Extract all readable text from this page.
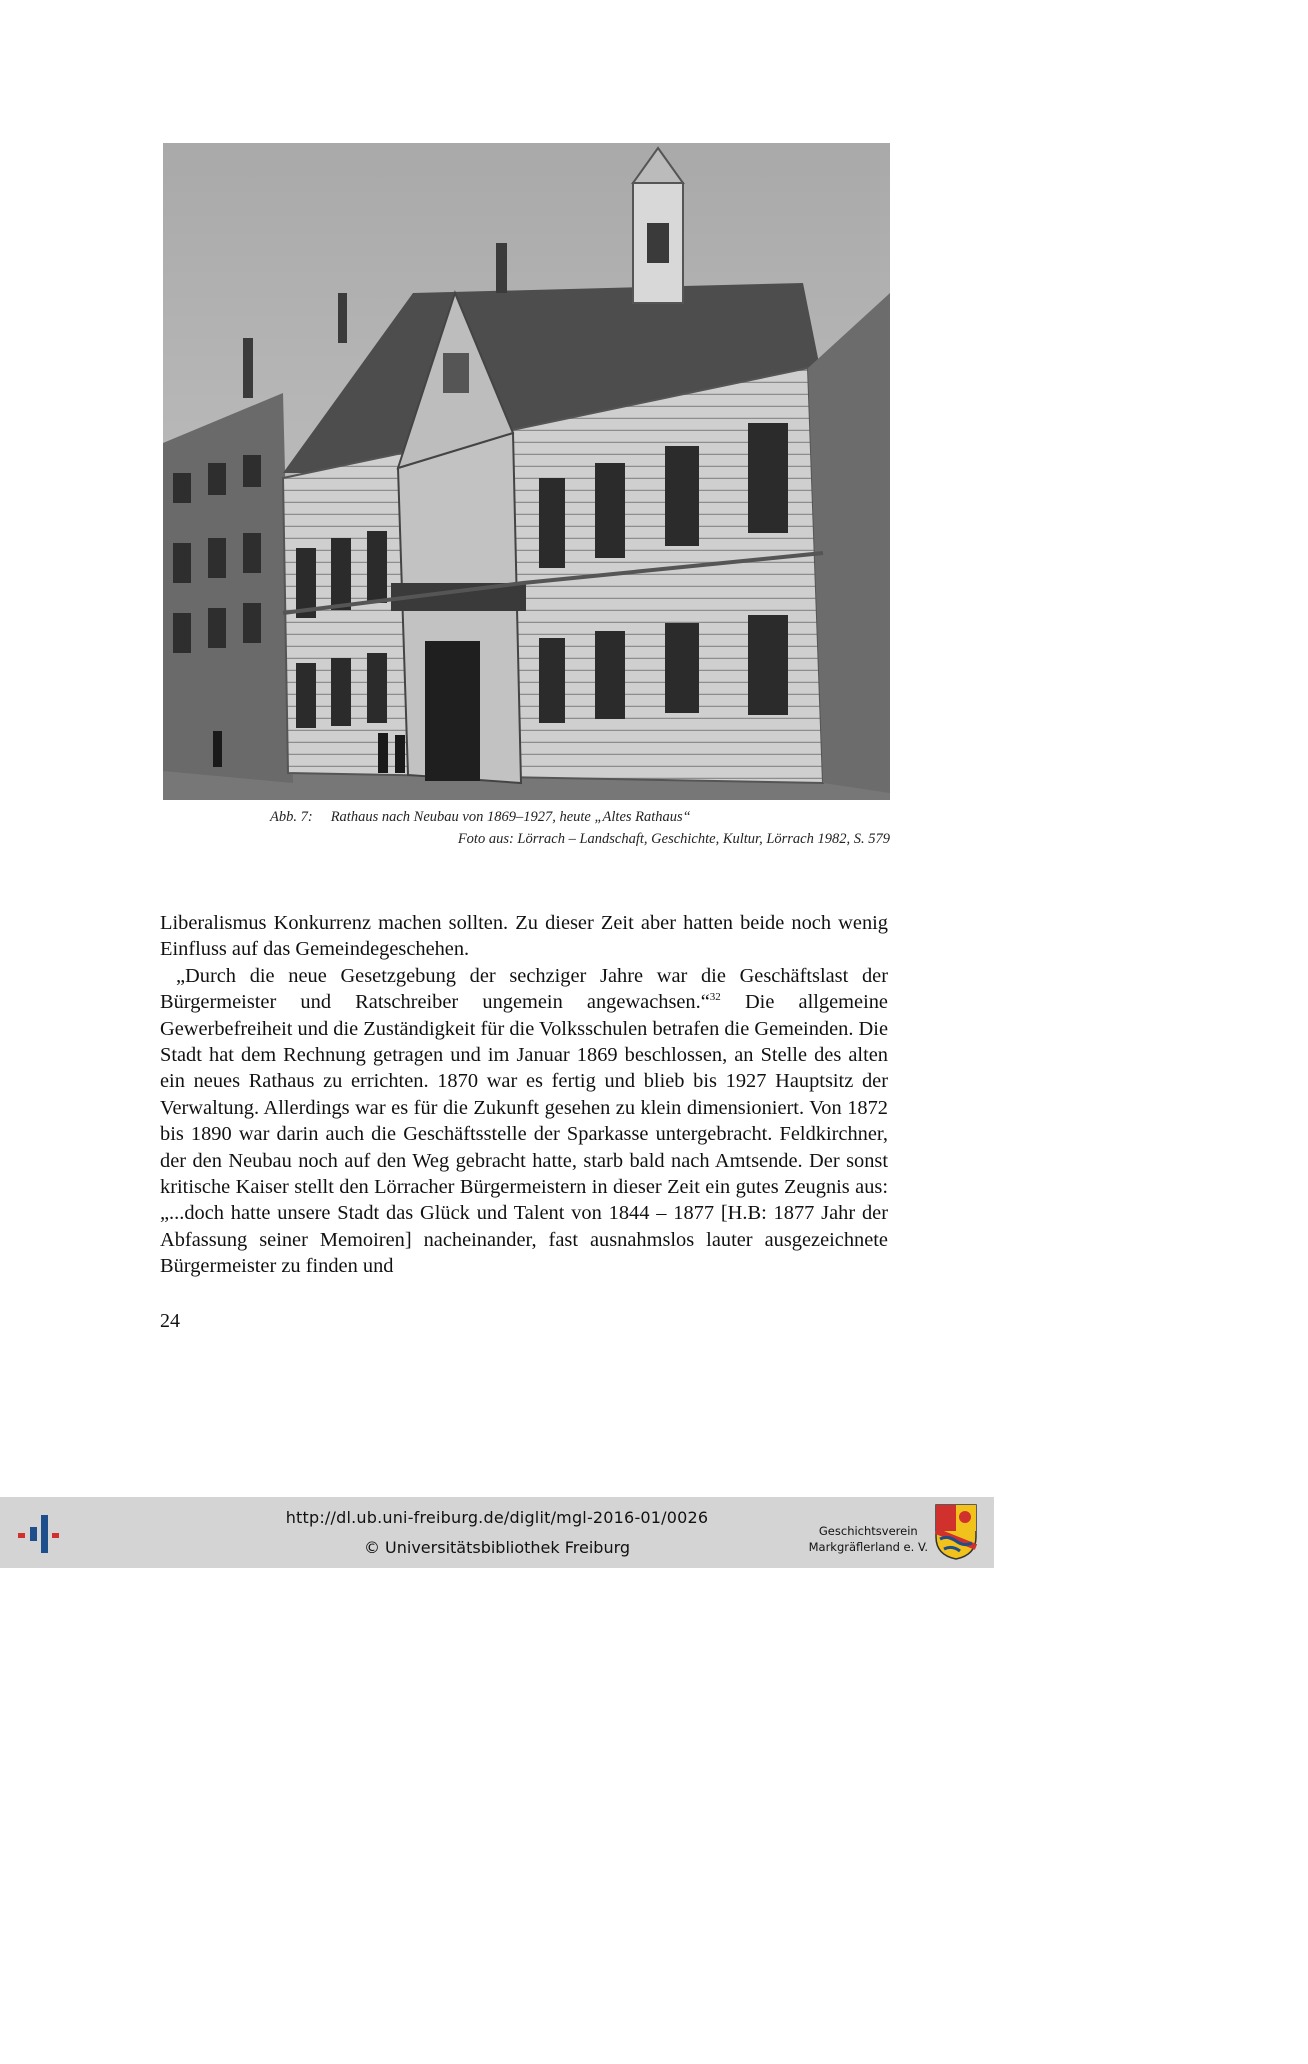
Abb. 7: Rathaus nach Neubau von 1869–1927, heute „Altes Rathaus“
Foto aus: Lörrach – Landschaft, Geschichte, Kultur, Lörrach 1982, S. 579

Liberalismus Konkurrenz machen sollten. Zu dieser Zeit aber hatten beide noch wenig Einfluss auf das Gemeindegeschehen.

„Durch die neue Gesetzgebung der sechziger Jahre war die Geschäftslast der Bürgermeister und Ratschreiber ungemein angewachsen.“$^{32}$ Die allgemeine Gewerbefreiheit und die Zuständigkeit für die Volksschulen betrafen die Gemeinden. Die Stadt hat dem Rechnung getragen und im Januar 1869 beschlossen, an Stelle des alten ein neues Rathaus zu errichten. 1870 war es fertig und blieb bis 1927 Hauptsitz der Verwaltung. Allerdings war es für die Zukunft gesehen zu klein dimensioniert. Von 1872 bis 1890 war darin auch die Geschäftsstelle der Sparkasse untergebracht. Feldkirchner, der den Neubau noch auf den Weg gebracht hatte, starb bald nach Amtsende. Der sonst kritische Kaiser stellt den Lörracher Bürgermeistern in dieser Zeit ein gutes Zeugnis aus: „...doch hatte unsere Stadt das Glück und Talent von 1844 – 1877 [H.B: 1877 Jahr der Abfassung seiner Memoiren] nacheinander, fast ausnahmslos lauter ausgezeichnete Bürgermeister zu finden und

24
http://dl.ub.uni-freiburg.de/diglit/mgl-2016-01/0026
© Universitätsbibliothek Freiburg
Geschichtsverein
Markgräflerland e. V.
